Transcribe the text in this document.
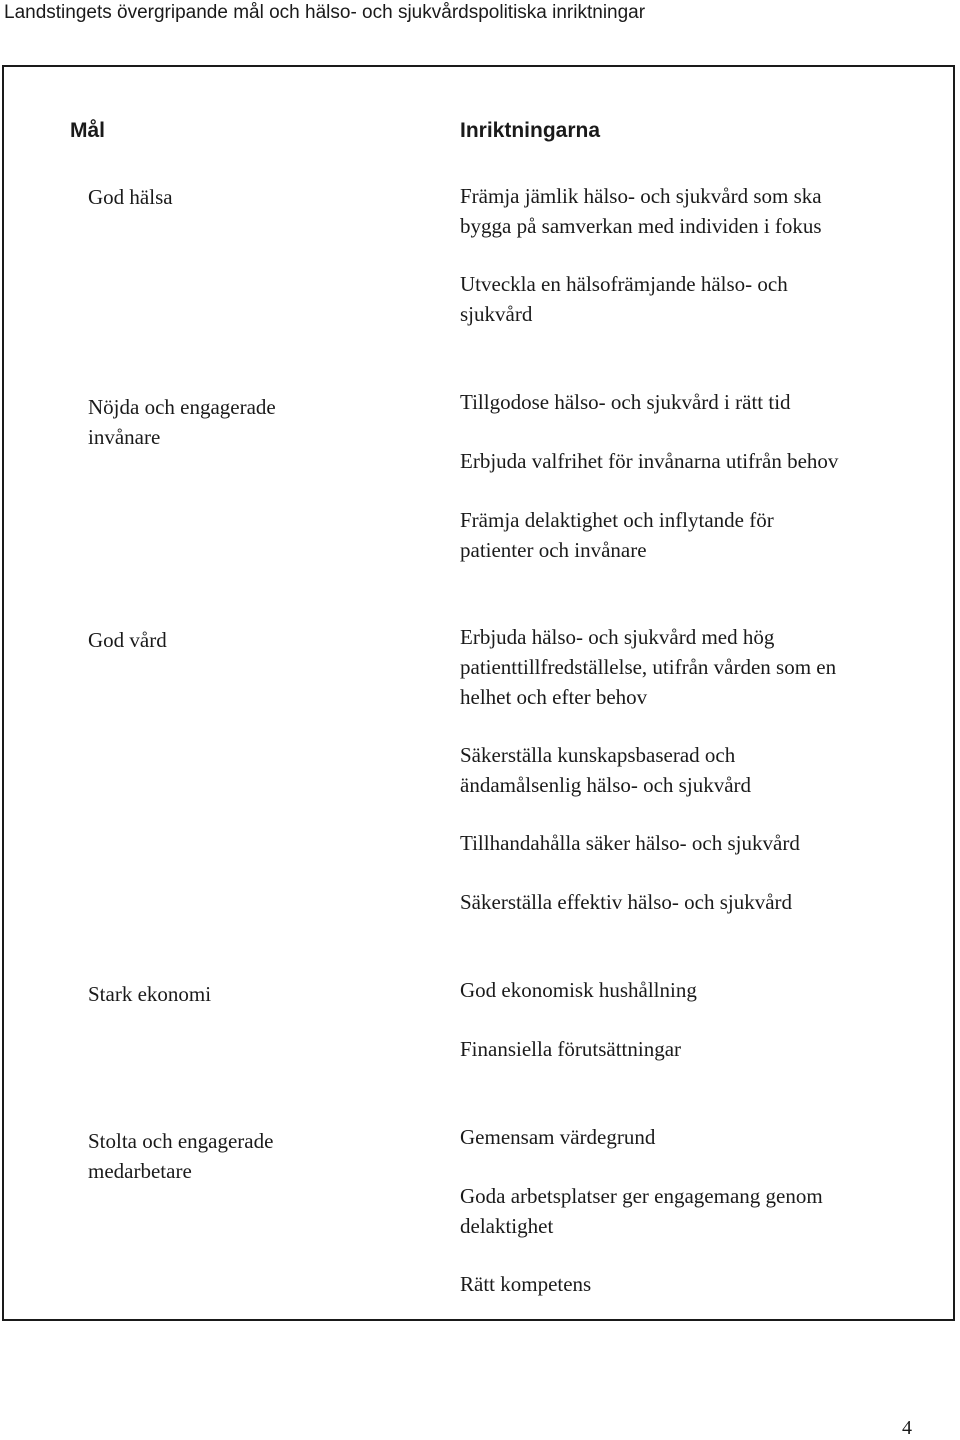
Landstingets övergripande mål och hälso- och sjukvårdspolitiska inriktningar
Mål	Inriktningarna
God hälsa
Nöjda och engagerade
invånare
God vård
Stark ekonomi
Stolta och engagerade
medarbetare
Främja jämlik hälso- och sjukvård som ska
bygga på samverkan med individen i fokus
Utveckla en hälsofrämjande hälso- och
sjukvård
Tillgodose hälso- och sjukvård i rätt tid
Erbjuda valfrihet för invånarna utifrån behov
Främja delaktighet och inflytande för
patienter och invånare
Erbjuda hälso- och sjukvård med hög
patienttillfredställelse, utifrån vården som en
helhet och efter behov
Säkerställa kunskapsbaserad och
ändamålsenlig hälso- och sjukvård
Tillhandahålla säker hälso- och sjukvård
Säkerställa effektiv hälso- och sjukvård
God ekonomisk hushållning
Finansiella förutsättningar
Gemensam värdegrund
Goda arbetsplatser ger engagemang genom
delaktighet
Rätt kompetens
4
